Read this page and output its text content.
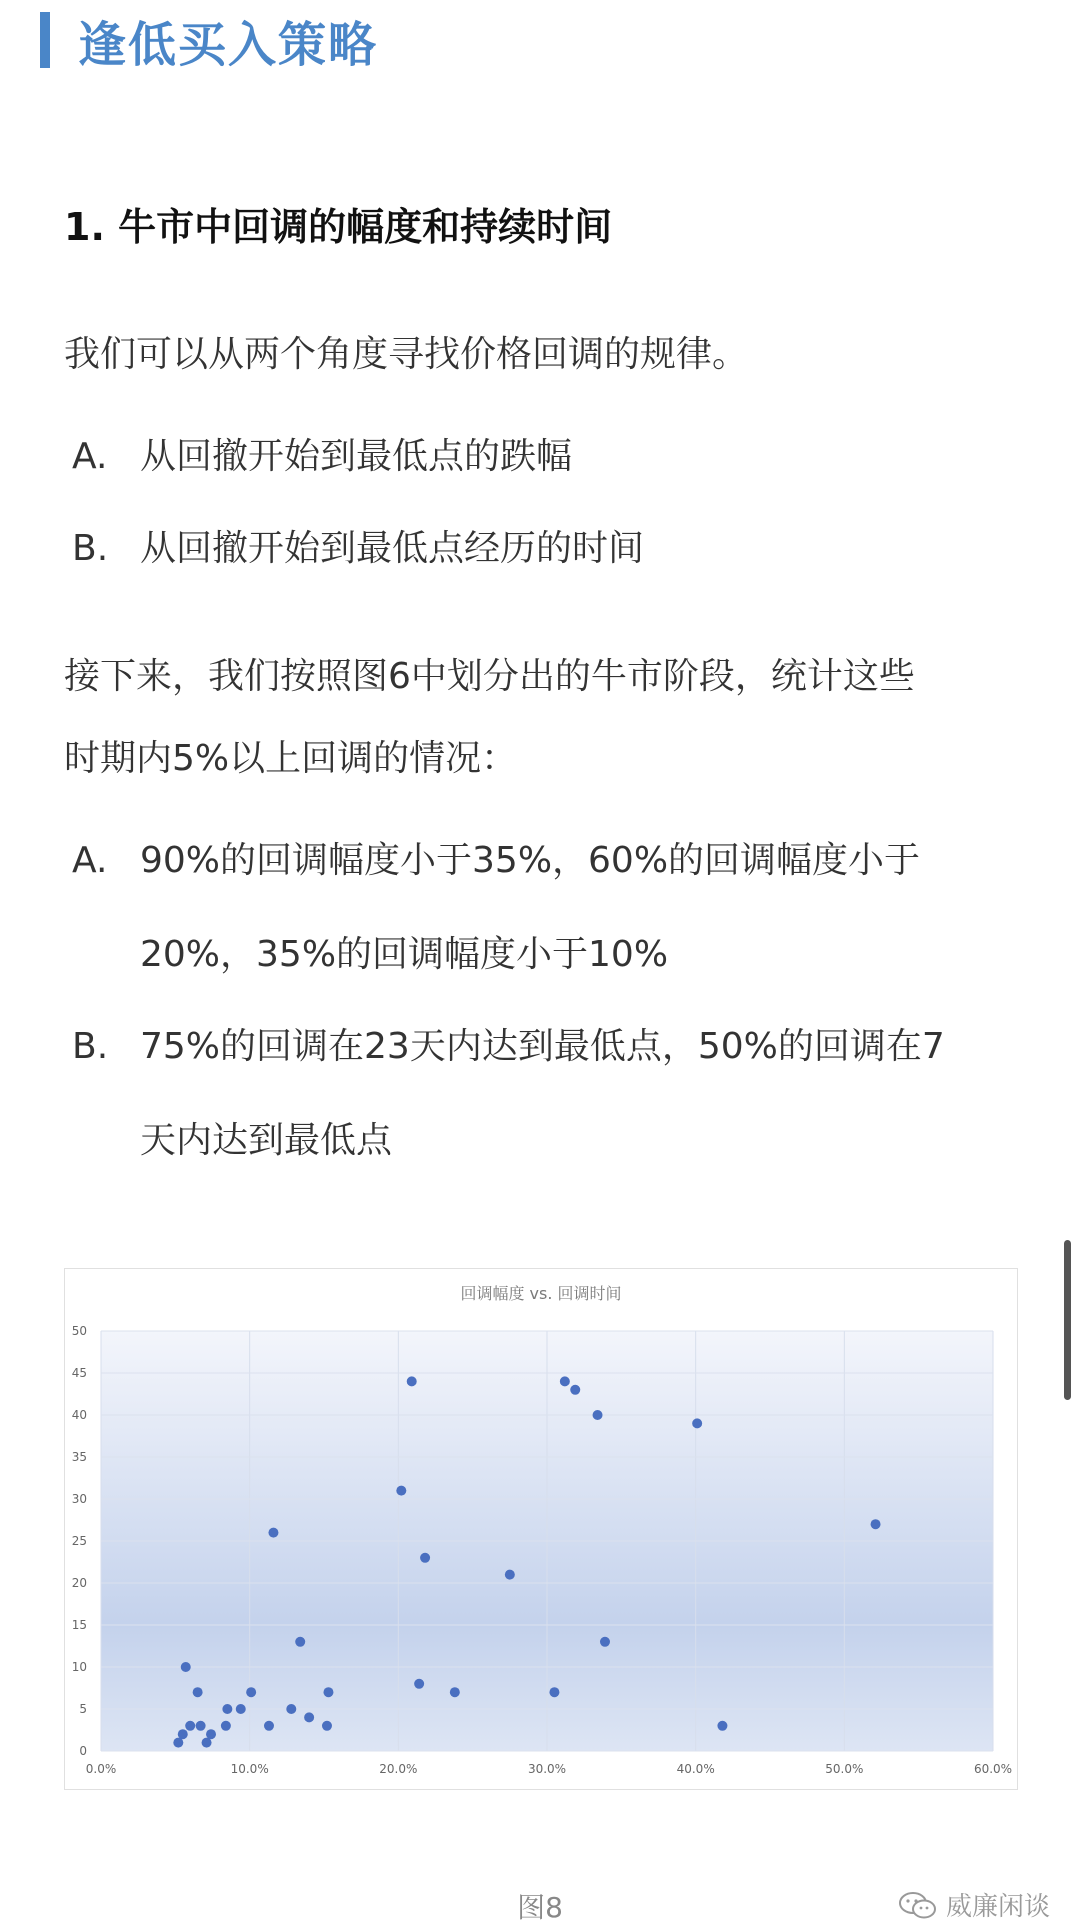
逢低买入策略
1. 牛市中回调的幅度和持续时间
我们可以从两个角度寻找价格回调的规律。
A. 从回撤开始到最低点的跌幅
B. 从回撤开始到最低点经历的时间
接下来，我们按照图6中划分出的牛市阶段，统计这些
时期内5%以上回调的情况：
A. 90%的回调幅度小于35%，60%的回调幅度小于
20%，35%的回调幅度小于10%
B. 75%的回调在23天内达到最低点，50%的回调在7
天内达到最低点
回调幅度 vs. 回调时间
0.0%	10.0%	20.0%	30.0%	40.0%	50.0%	60.0%
0
5
10
15
20
25
30
35
40
45
50
图8	威廉闲谈
